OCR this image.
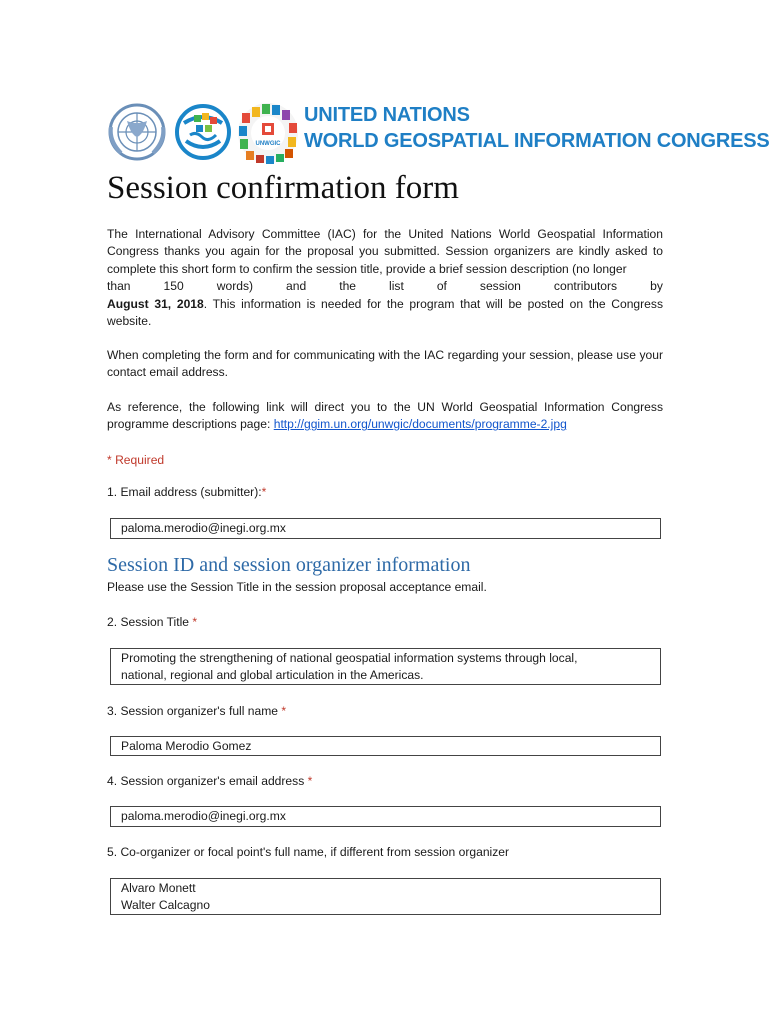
UNWGIC
UNITED NATIONS
WORLD GEOSPATIAL INFORMATION CONGRESS
Session confirmation form
The International Advisory Committee (IAC) for the United Nations World Geospatial Information Congress thanks you again for the proposal you submitted. Session organizers are kindly asked to complete this short form to confirm the session title, provide a brief session description (no longer
than	150	words)	and	the	list	of	session	contributors	by
August 31, 2018. This information is needed for the program that will be posted on the Congress website.
When completing the form and for communicating with the IAC regarding your session, please use your contact email address.
As reference, the following link will direct you to the UN World Geospatial Information Congress programme descriptions page: http://ggim.un.org/unwgic/documents/programme-2.jpg
* Required
1. Email address (submitter):*
paloma.merodio@inegi.org.mx
Session ID and session organizer information
Please use the Session Title in the session proposal acceptance email.
2. Session Title *
Promoting the strengthening of national geospatial information systems through local,
national, regional and global articulation in the Americas.
3. Session organizer's full name *
Paloma Merodio Gomez
4. Session organizer's email address *
paloma.merodio@inegi.org.mx
5. Co-organizer or focal point's full name, if different from session organizer
Alvaro Monett
Walter Calcagno
